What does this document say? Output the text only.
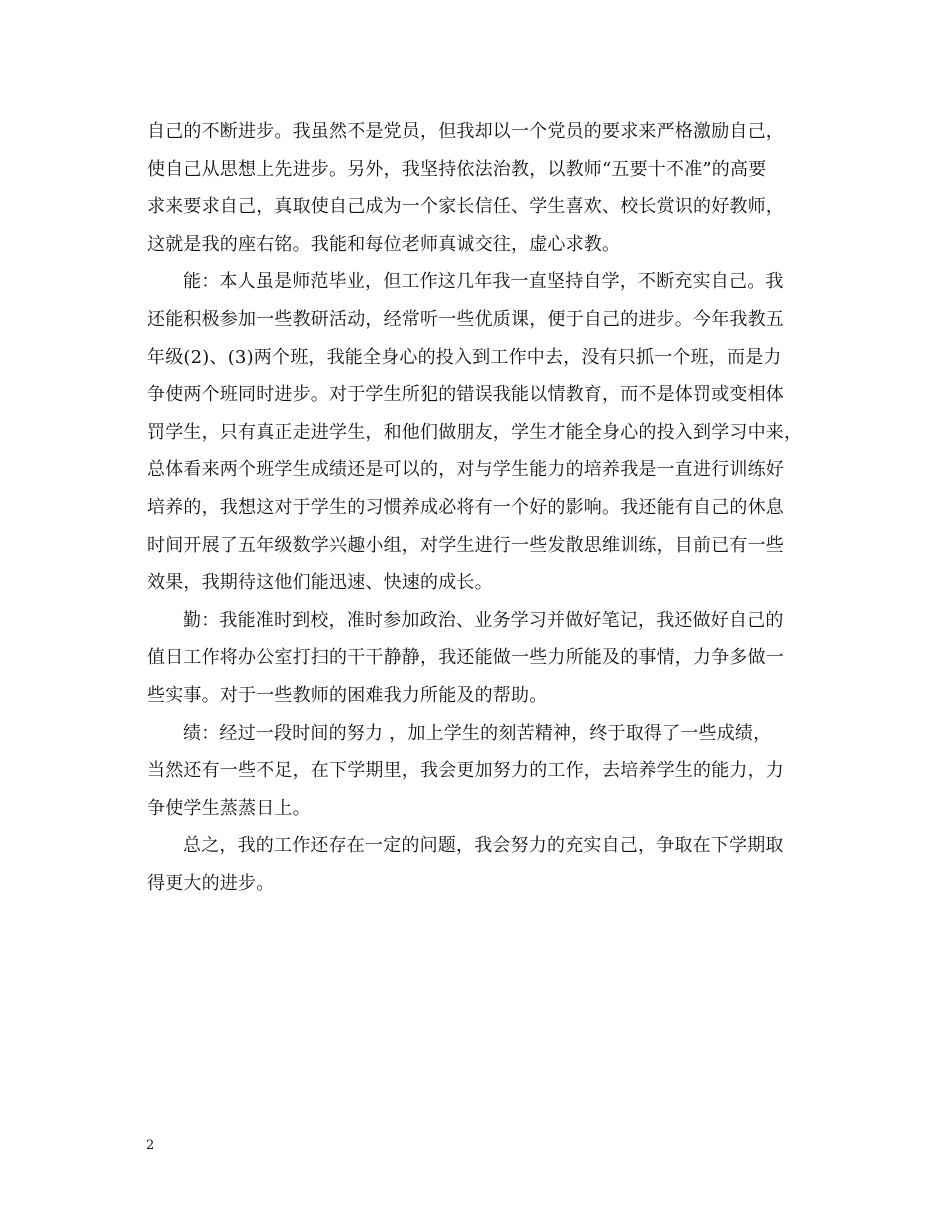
自己的不断进步。我虽然不是党员，但我却以一个党员的要求来严格激励自己，
使自己从思想上先进步。另外，我坚持依法治教，以教师“五要十不准”的高要
求来要求自己，真取使自己成为一个家长信任、学生喜欢、校长赏识的好教师，
这就是我的座右铭。我能和每位老师真诚交往，虚心求教。
能：本人虽是师范毕业，但工作这几年我一直坚持自学，不断充实自己。我
还能积极参加一些教研活动，经常听一些优质课，便于自己的进步。今年我教五
年级(2)、(3)两个班，我能全身心的投入到工作中去，没有只抓一个班，而是力
争使两个班同时进步。对于学生所犯的错误我能以情教育，而不是体罚或变相体
罚学生，只有真正走进学生，和他们做朋友，学生才能全身心的投入到学习中来，
总体看来两个班学生成绩还是可以的，对与学生能力的培养我是一直进行训练好
培养的，我想这对于学生的习惯养成必将有一个好的影响。我还能有自己的休息
时间开展了五年级数学兴趣小组，对学生进行一些发散思维训练，目前已有一些
效果，我期待这他们能迅速、快速的成长。
勤：我能准时到校，准时参加政治、业务学习并做好笔记，我还做好自己的
值日工作将办公室打扫的干干静静，我还能做一些力所能及的事情，力争多做一
些实事。对于一些教师的困难我力所能及的帮助。
绩：经过一段时间的努力 ，加上学生的刻苦精神，终于取得了一些成绩，
当然还有一些不足，在下学期里，我会更加努力的工作，去培养学生的能力，力
争使学生蒸蒸日上。
总之，我的工作还存在一定的问题，我会努力的充实自己，争取在下学期取
得更大的进步。
2
